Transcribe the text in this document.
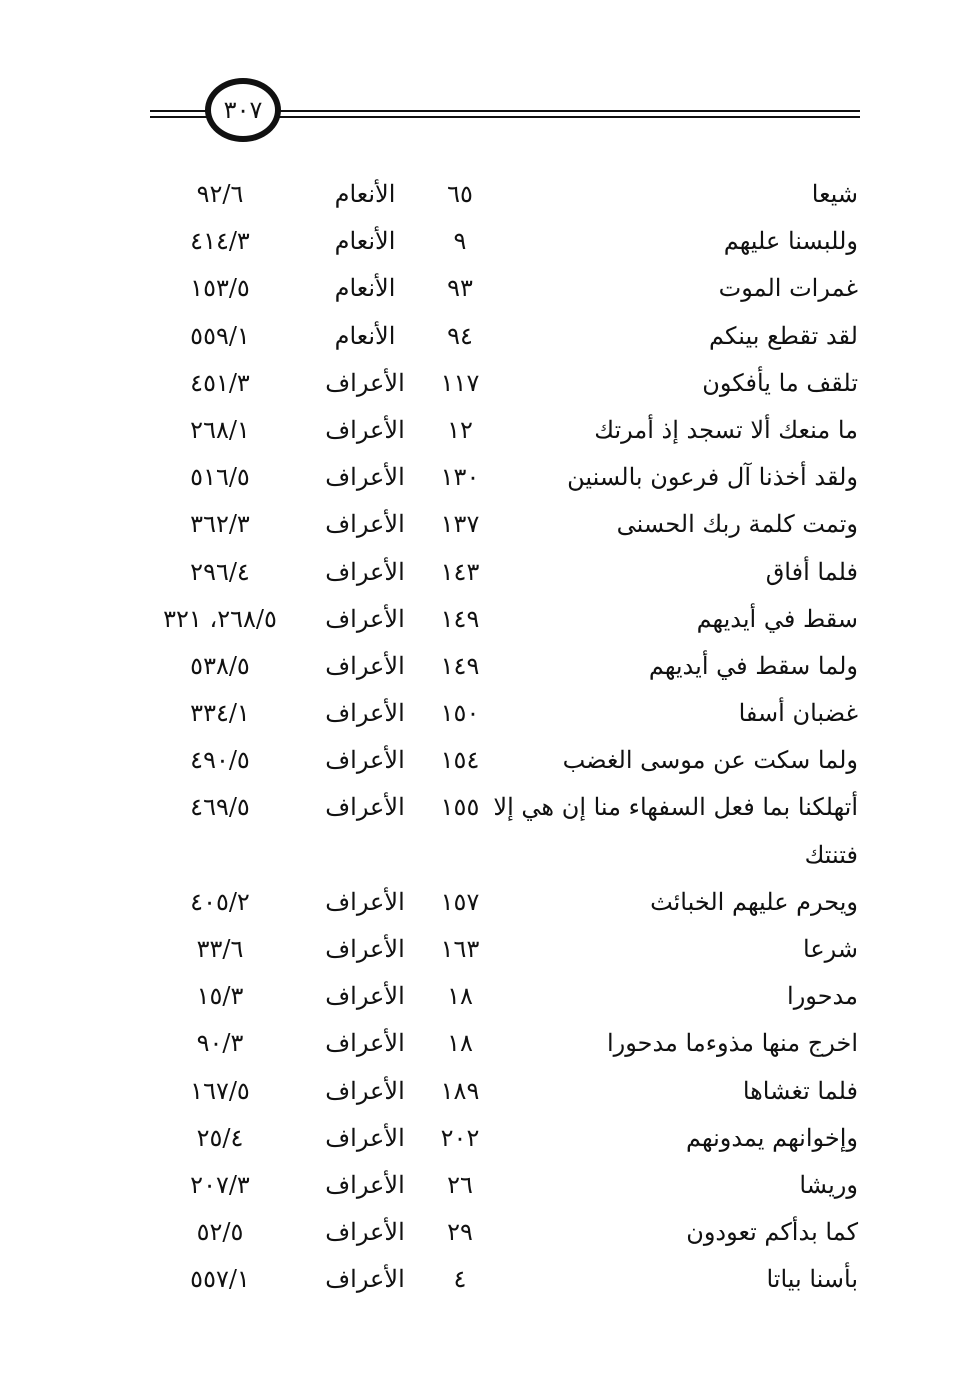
٣٠٧
شيعا
٦٥
الأنعام
٩٢/٦
وللبسنا عليهم
٩
الأنعام
٤١٤/٣
غمرات الموت
٩٣
الأنعام
١٥٣/٥
لقد تقطع بينكم
٩٤
الأنعام
٥٥٩/١
تلقف ما يأفكون
١١٧
الأعراف
٤٥١/٣
ما منعك ألا تسجد إذ أمرتك
١٢
الأعراف
٢٦٨/١
ولقد أخذنا آل فرعون بالسنين
١٣٠
الأعراف
٥١٦/٥
وتمت كلمة ربك الحسنى
١٣٧
الأعراف
٣٦٢/٣
فلما أفاق
١٤٣
الأعراف
٢٩٦/٤
سقط في أيديهم
١٤٩
الأعراف
٢٦٨/٥، ٣٢١
ولما سقط في أيديهم
١٤٩
الأعراف
٥٣٨/٥
غضبان أسفا
١٥٠
الأعراف
٣٣٤/١
ولما سكت عن موسى الغضب
١٥٤
الأعراف
٤٩٠/٥
أتهلكنا بما فعل السفهاء منا إن هي إلا
١٥٥
الأعراف
٤٦٩/٥
فتنتك
ويحرم عليهم الخبائث
١٥٧
الأعراف
٤٠٥/٢
شرعا
١٦٣
الأعراف
٣٣/٦
مدحورا
١٨
الأعراف
١٥/٣
اخرج منها مذوءما مدحورا
١٨
الأعراف
٩٠/٣
فلما تغشاها
١٨٩
الأعراف
١٦٧/٥
وإخوانهم يمدونهم
٢٠٢
الأعراف
٢٥/٤
وريشا
٢٦
الأعراف
٢٠٧/٣
كما بدأكم تعودون
٢٩
الأعراف
٥٢/٥
بأسنا بياتا
٤
الأعراف
٥٥٧/١
